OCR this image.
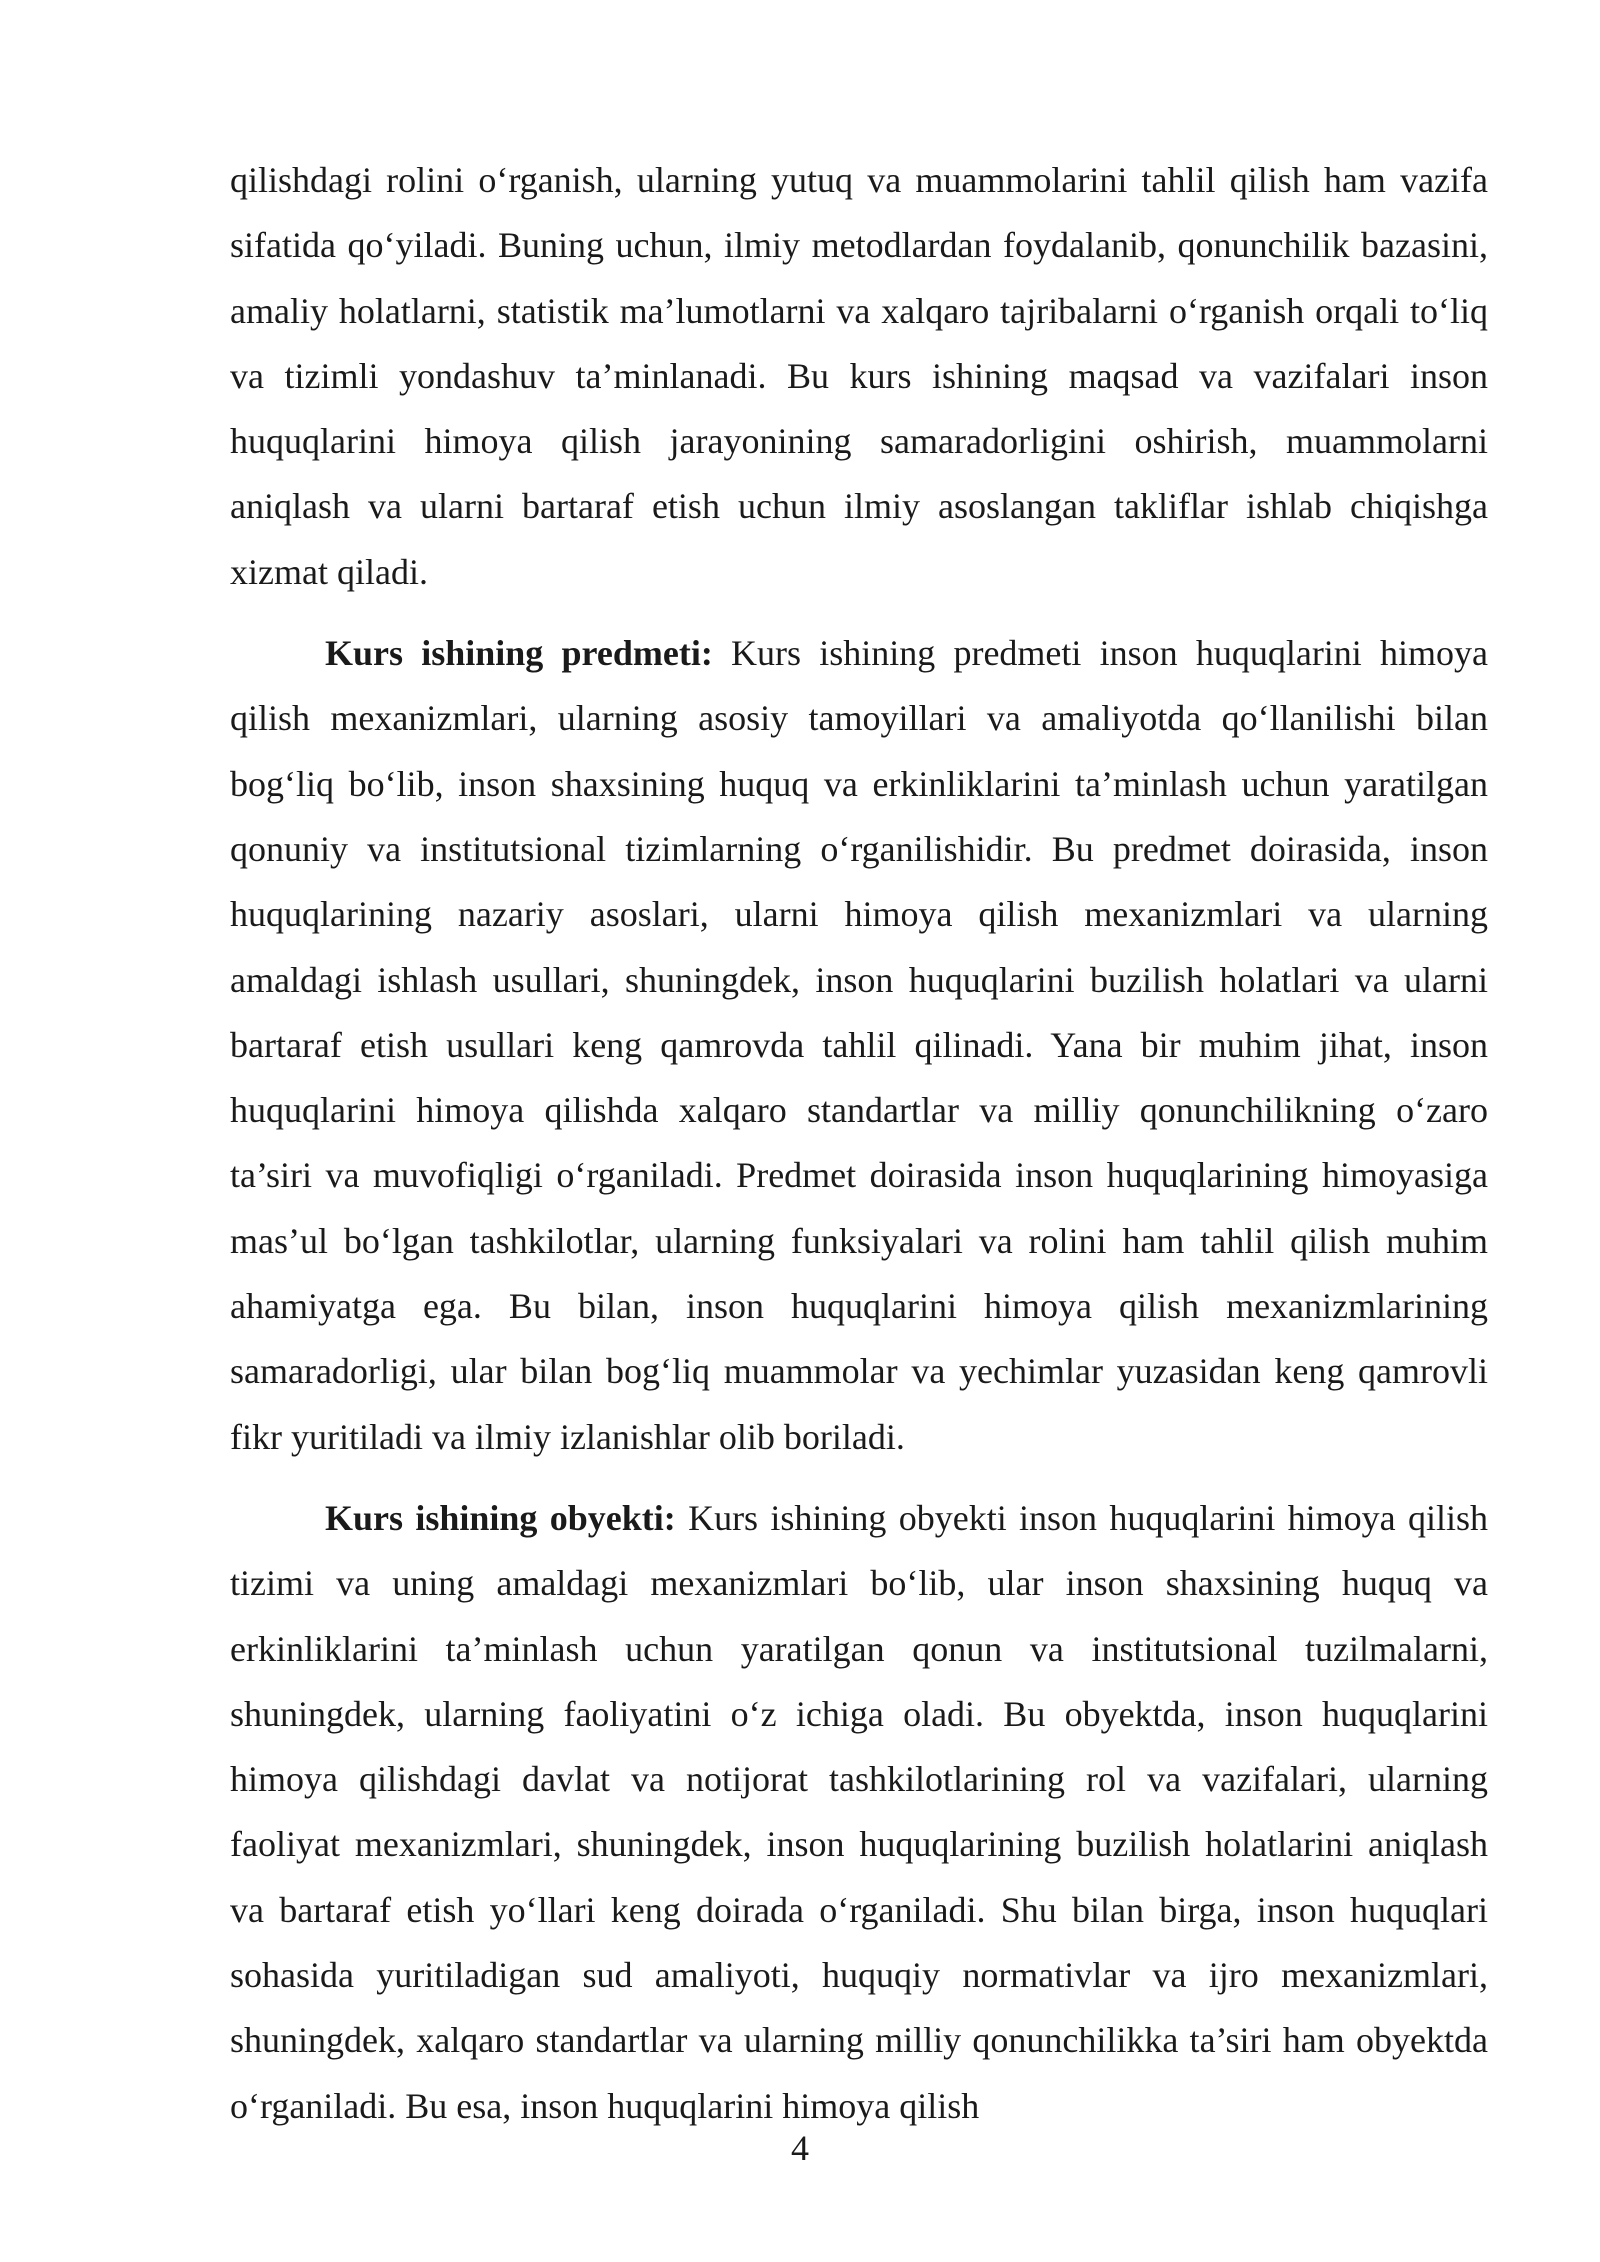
qilishdagi rolini o‘rganish, ularning yutuq va muammolarini tahlil qilish ham vazifa sifatida qo‘yiladi. Buning uchun, ilmiy metodlardan foydalanib, qonunchilik bazasini, amaliy holatlarni, statistik ma’lumotlarni va xalqaro tajribalarni o‘rganish orqali to‘liq va tizimli yondashuv ta’minlanadi. Bu kurs ishining maqsad va vazifalari inson huquqlarini himoya qilish jarayonining samaradorligini oshirish, muammolarni aniqlash va ularni bartaraf etish uchun ilmiy asoslangan takliflar ishlab chiqishga xizmat qiladi.

Kurs ishining predmeti: Kurs ishining predmeti inson huquqlarini himoya qilish mexanizmlari, ularning asosiy tamoyillari va amaliyotda qo‘llanilishi bilan bog‘liq bo‘lib, inson shaxsining huquq va erkinliklarini ta’minlash uchun yaratilgan qonuniy va institutsional tizimlarning o‘rganilishidir. Bu predmet doirasida, inson huquqlarining nazariy asoslari, ularni himoya qilish mexanizmlari va ularning amaldagi ishlash usullari, shuningdek, inson huquqlarini buzilish holatlari va ularni bartaraf etish usullari keng qamrovda tahlil qilinadi. Yana bir muhim jihat, inson huquqlarini himoya qilishda xalqaro standartlar va milliy qonunchilikning o‘zaro ta’siri va muvofiqligi o‘rganiladi. Predmet doirasida inson huquqlarining himoyasiga mas’ul bo‘lgan tashkilotlar, ularning funksiyalari va rolini ham tahlil qilish muhim ahamiyatga ega. Bu bilan, inson huquqlarini himoya qilish mexanizmlarining samaradorligi, ular bilan bog‘liq muammolar va yechimlar yuzasidan keng qamrovli fikr yuritiladi va ilmiy izlanishlar olib boriladi.

Kurs ishining obyekti: Kurs ishining obyekti inson huquqlarini himoya qilish tizimi va uning amaldagi mexanizmlari bo‘lib, ular inson shaxsining huquq va erkinliklarini ta’minlash uchun yaratilgan qonun va institutsional tuzilmalarni, shuningdek, ularning faoliyatini o‘z ichiga oladi. Bu obyektda, inson huquqlarini himoya qilishdagi davlat va notijorat tashkilotlarining rol va vazifalari, ularning faoliyat mexanizmlari, shuningdek, inson huquqlarining buzilish holatlarini aniqlash va bartaraf etish yo‘llari keng doirada o‘rganiladi. Shu bilan birga, inson huquqlari sohasida yuritiladigan sud amaliyoti, huquqiy normativlar va ijro mexanizmlari, shuningdek, xalqaro standartlar va ularning milliy qonunchilikka ta’siri ham obyektda o‘rganiladi. Bu esa, inson huquqlarini himoya qilish

4
